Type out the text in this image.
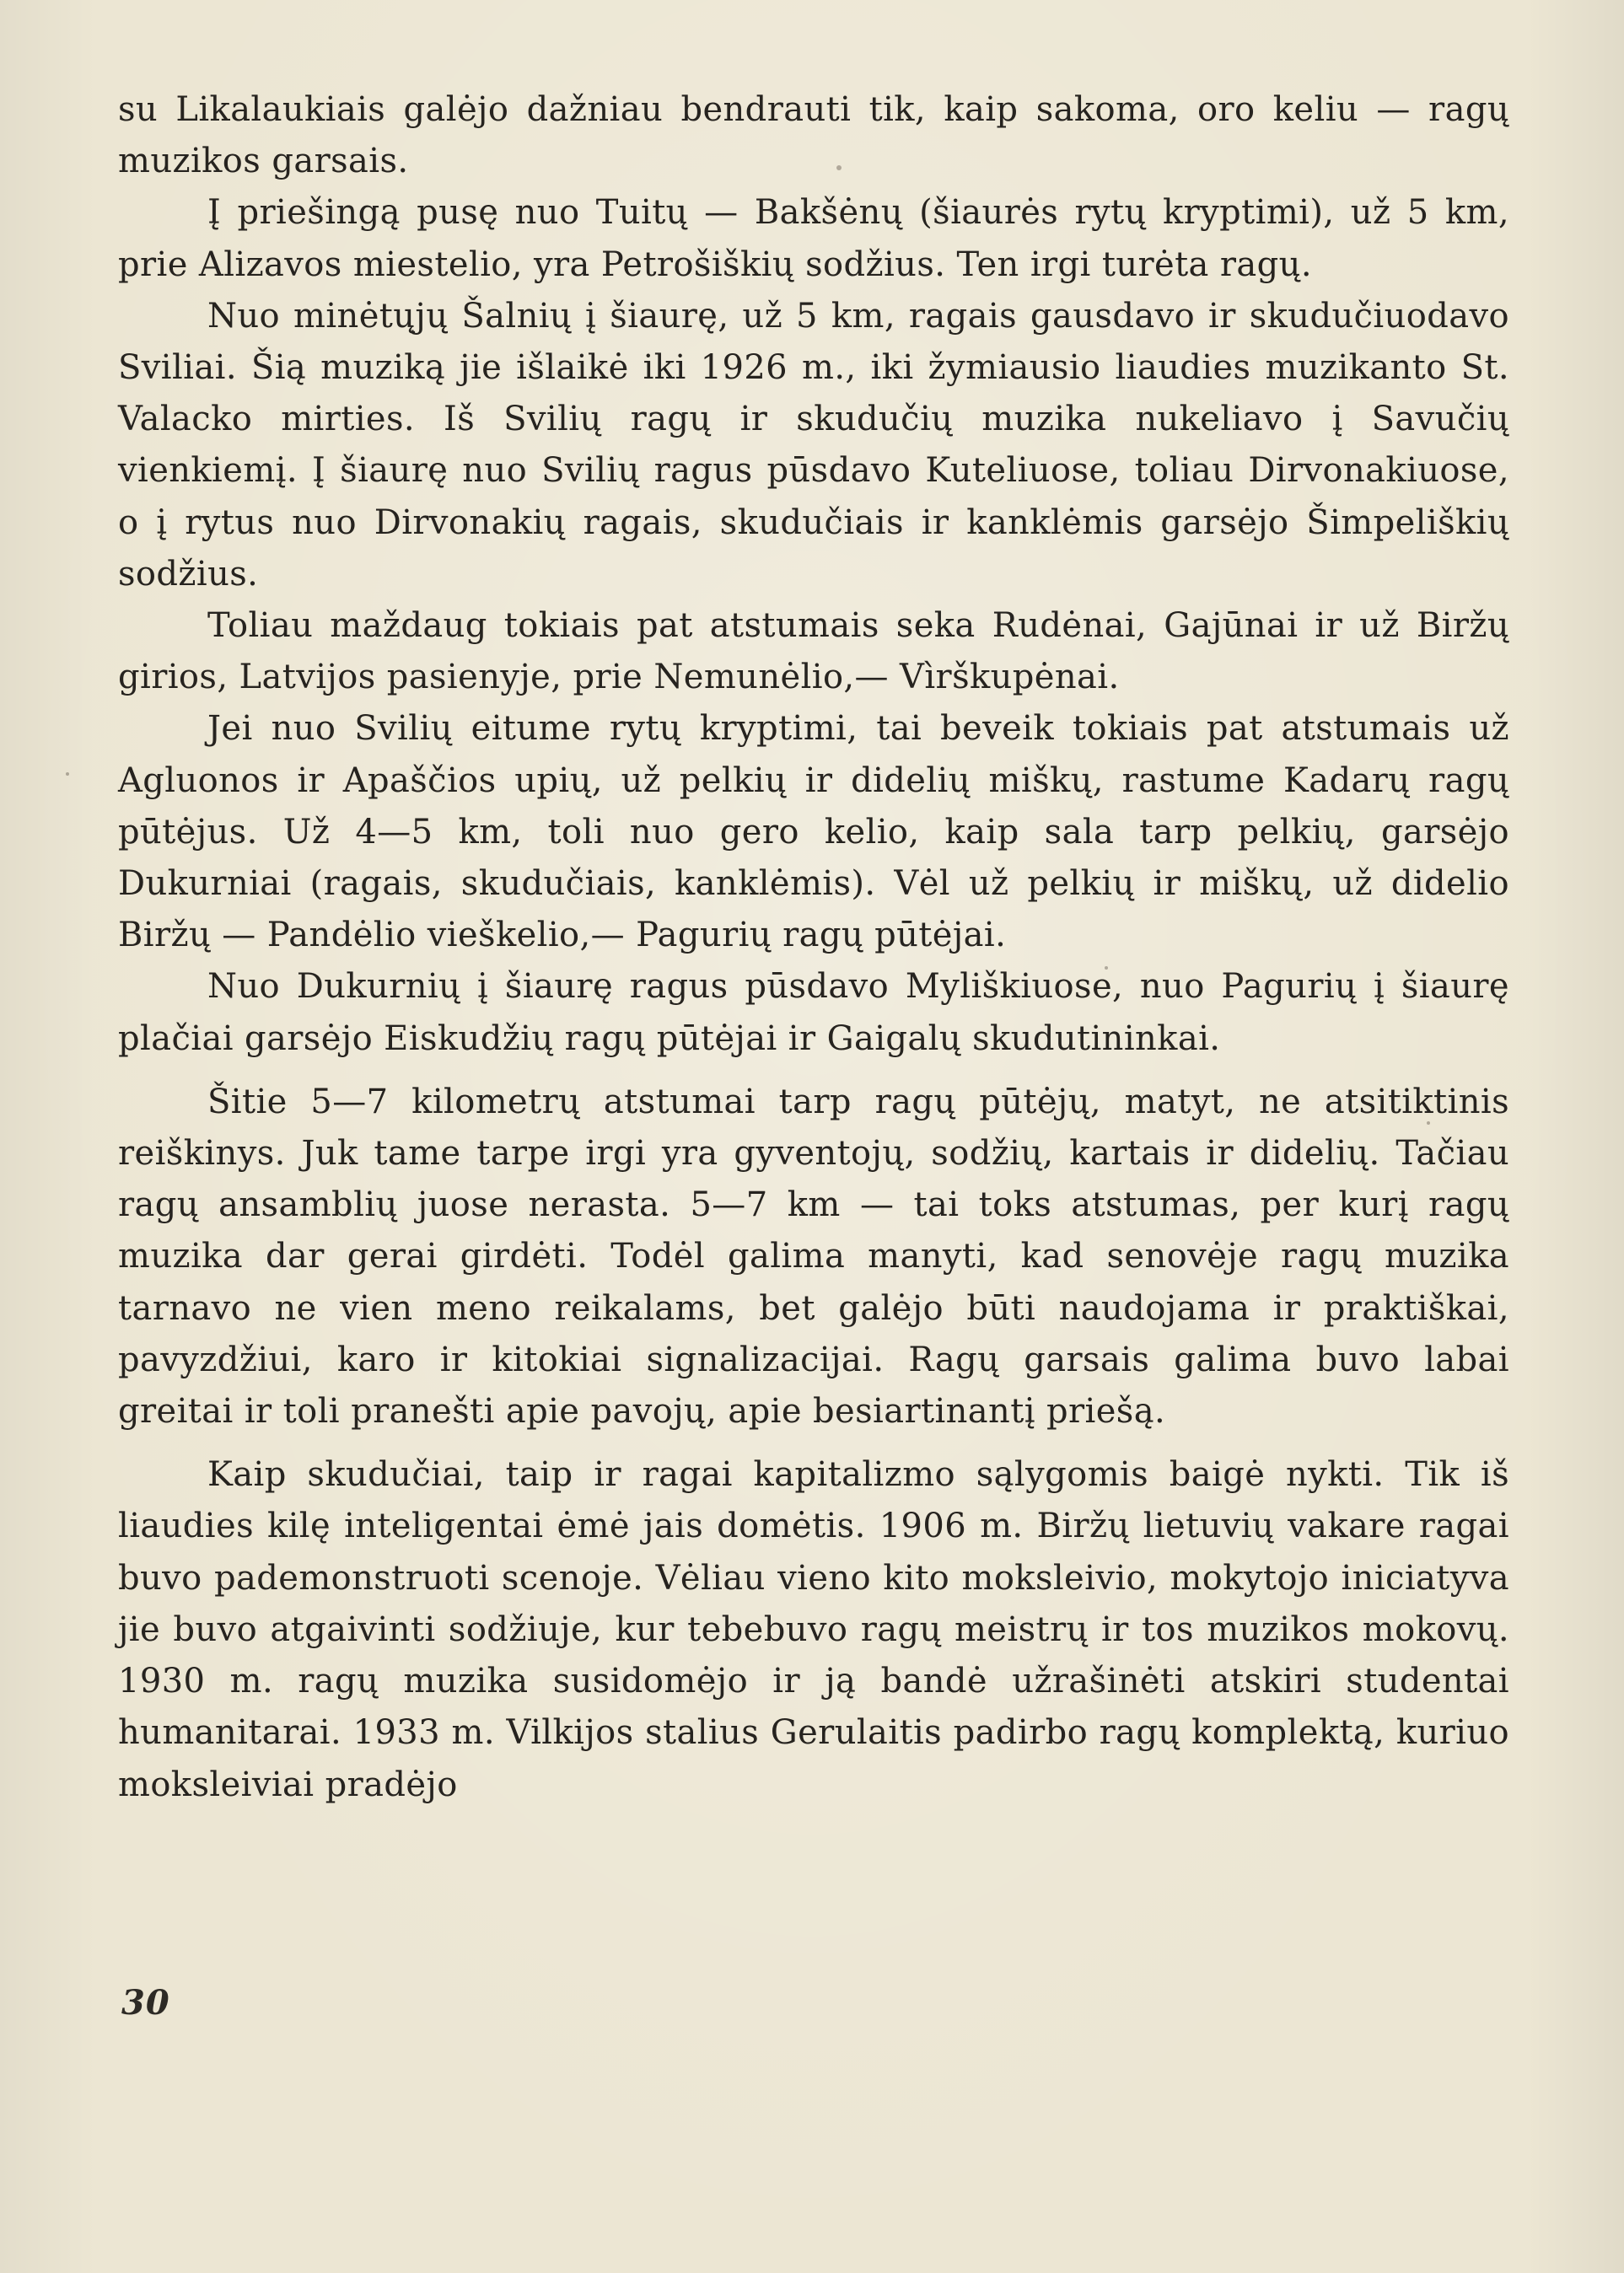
su Likalaukiais galėjo dažniau bendrauti tik, kaip sakoma, oro keliu — ragų muzikos garsais.

Į priešingą pusę nuo Tuitų — Bakšėnų (šiaurės rytų kryptimi), už 5 km, prie Alizavos miestelio, yra Petrošiškių sodžius. Ten irgi turėta ragų.

Nuo minėtųjų Šalnių į šiaurę, už 5 km, ragais gausdavo ir skudučiuodavo Sviliai. Šią muziką jie išlaikė iki 1926 m., iki žymiausio liaudies muzikanto St. Valacko mirties. Iš Svilių ragų ir skudučių muzika nukeliavo į Savučių vienkiemį. Į šiaurę nuo Svilių ragus pūsdavo Kuteliuose, toliau Dirvonakiuose, o į rytus nuo Dirvonakių ragais, skudučiais ir kanklėmis garsėjo Šimpeliškių sodžius.

Toliau maždaug tokiais pat atstumais seka Rudėnai, Gajūnai ir už Biržų girios, Latvijos pasienyje, prie Nemunėlio,— Vìrškupėnai.

Jei nuo Svilių eitume rytų kryptimi, tai beveik tokiais pat atstumais už Agluonos ir Apaščios upių, už pelkių ir didelių miškų, rastume Kadarų ragų pūtėjus. Už 4—5 km, toli nuo gero kelio, kaip sala tarp pelkių, garsėjo Dukurniai (ragais, skudučiais, kanklėmis). Vėl už pelkių ir miškų, už didelio Biržų — Pandėlio vieškelio,— Pagurių ragų pūtėjai.

Nuo Dukurnių į šiaurę ragus pūsdavo Myliškiuose, nuo Pagurių į šiaurę plačiai garsėjo Eiskudžių ragų pūtėjai ir Gaigalų skudutininkai.

Šitie 5—7 kilometrų atstumai tarp ragų pūtėjų, matyt, ne atsitiktinis reiškinys. Juk tame tarpe irgi yra gyventojų, sodžių, kartais ir didelių. Tačiau ragų ansamblių juose nerasta. 5—7 km — tai toks atstumas, per kurį ragų muzika dar gerai girdėti. Todėl galima manyti, kad senovėje ragų muzika tarnavo ne vien meno reikalams, bet galėjo būti naudojama ir praktiškai, pavyzdžiui, karo ir kitokiai signalizacijai. Ragų garsais galima buvo labai greitai ir toli pranešti apie pavojų, apie besiartinantį priešą.

Kaip skudučiai, taip ir ragai kapitalizmo sąlygomis baigė nykti. Tik iš liaudies kilę inteligentai ėmė jais domėtis. 1906 m. Biržų lietuvių vakare ragai buvo pademonstruoti scenoje. Vėliau vieno kito moksleivio, mokytojo iniciatyva jie buvo atgaivinti sodžiuje, kur tebebuvo ragų meistrų ir tos muzikos mokovų. 1930 m. ragų muzika susidomėjo ir ją bandė užrašinėti atskiri studentai humanitarai. 1933 m. Vilkijos stalius Gerulaitis padirbo ragų komplektą, kuriuo moksleiviai pradėjo

30
